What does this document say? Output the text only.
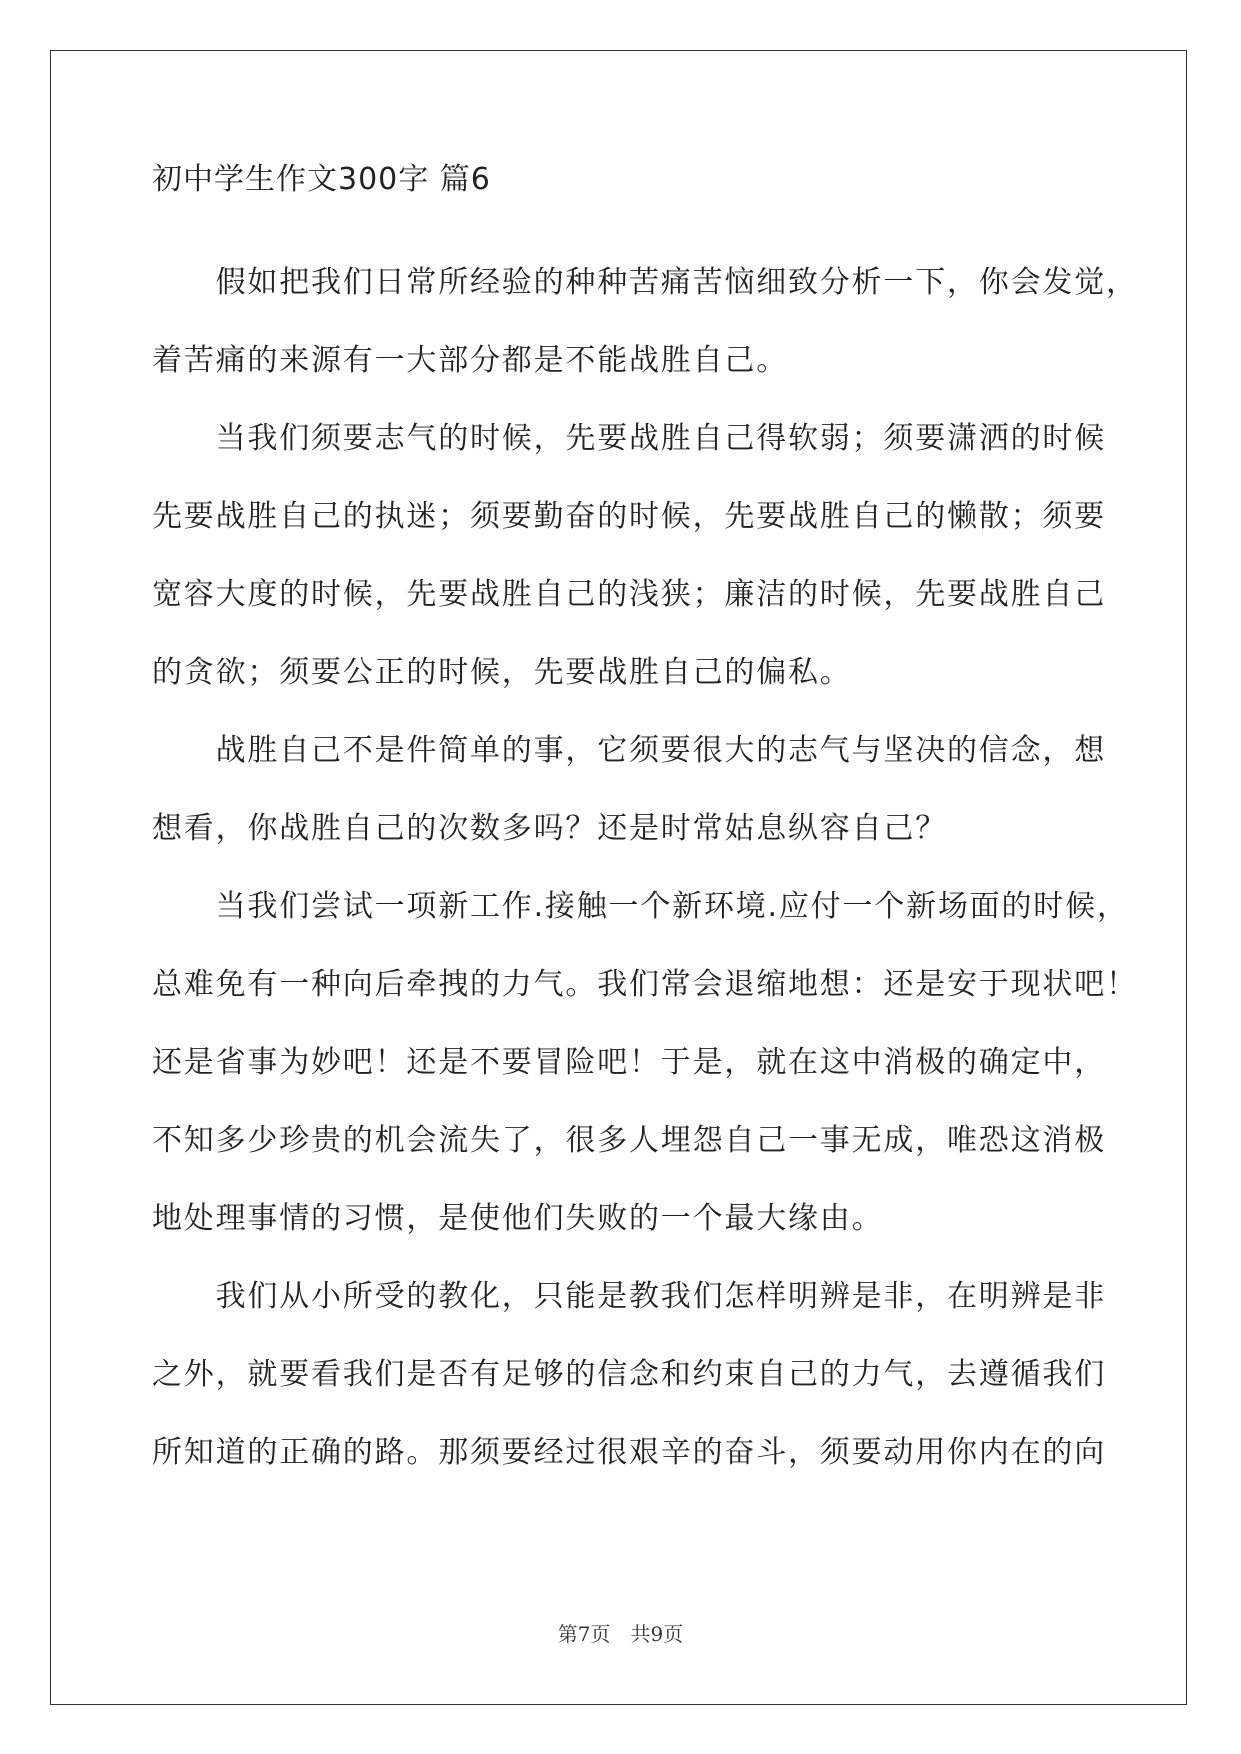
初中学生作文300字 篇6
　　假如把我们日常所经验的种种苦痛苦恼细致分析一下，你会发觉，
着苦痛的来源有一大部分都是不能战胜自己。
　　当我们须要志气的时候，先要战胜自己得软弱；须要潇洒的时候
先要战胜自己的执迷；须要勤奋的时候，先要战胜自己的懒散；须要
宽容大度的时候，先要战胜自己的浅狭；廉洁的时候，先要战胜自己
的贪欲；须要公正的时候，先要战胜自己的偏私。
　　战胜自己不是件简单的事，它须要很大的志气与坚决的信念，想
想看，你战胜自己的次数多吗？还是时常姑息纵容自己？
　　当我们尝试一项新工作.接触一个新环境.应付一个新场面的时候，
总难免有一种向后牵拽的力气。我们常会退缩地想：还是安于现状吧！
还是省事为妙吧！还是不要冒险吧！于是，就在这中消极的确定中，
不知多少珍贵的机会流失了，很多人埋怨自己一事无成，唯恐这消极
地处理事情的习惯，是使他们失败的一个最大缘由。
　　我们从小所受的教化，只能是教我们怎样明辨是非，在明辨是非
之外，就要看我们是否有足够的信念和约束自己的力气，去遵循我们
所知道的正确的路。那须要经过很艰辛的奋斗，须要动用你内在的向
第7页　共9页
